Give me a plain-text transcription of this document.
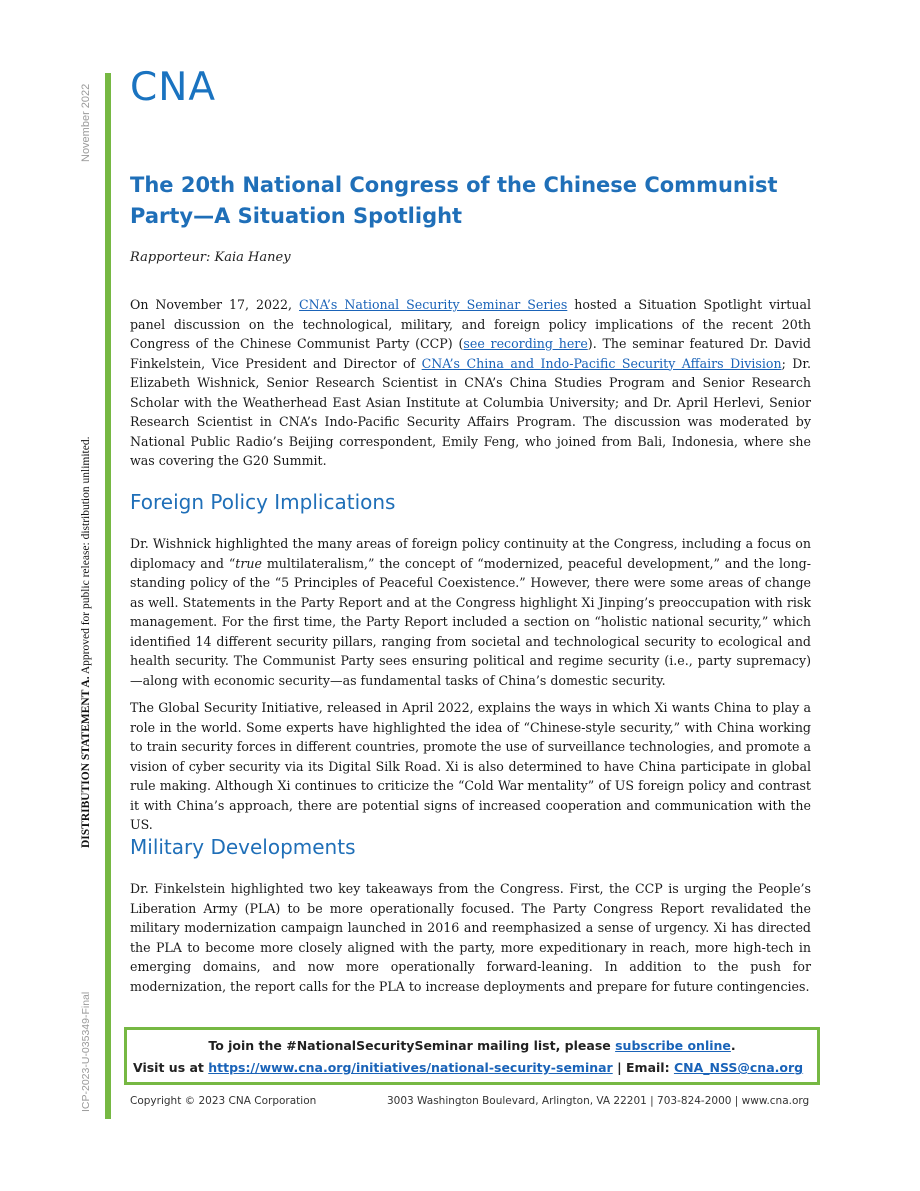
November 2022
DISTRIBUTION STATEMENT A. Approved for public release: distribution unlimited.
ICP-2023-U-035349-Final
CNA
The 20th National Congress of the Chinese Communist Party—A Situation Spotlight
Rapporteur: Kaia Haney

On November 17, 2022, CNA’s National Security Seminar Series hosted a Situation Spotlight virtual panel discussion on the technological, military, and foreign policy implications of the recent 20th Congress of the Chinese Communist Party (CCP) (see recording here). The seminar featured Dr. David Finkelstein, Vice President and Director of CNA’s China and Indo-Pacific Security Affairs Division; Dr. Elizabeth Wishnick, Senior Research Scientist in CNA’s China Studies Program and Senior Research Scholar with the Weatherhead East Asian Institute at Columbia University; and Dr. April Herlevi, Senior Research Scientist in CNA’s Indo-Pacific Security Affairs Program. The discussion was moderated by National Public Radio’s Beijing correspondent, Emily Feng, who joined from Bali, Indonesia, where she was covering the G20 Summit.

Foreign Policy Implications

Dr. Wishnick highlighted the many areas of foreign policy continuity at the Congress, including a focus on diplomacy and “true multilateralism,” the concept of “modernized, peaceful development,” and the long-standing policy of the “5 Principles of Peaceful Coexistence.” However, there were some areas of change as well. Statements in the Party Report and at the Congress highlight Xi Jinping’s preoccupation with risk management. For the first time, the Party Report included a section on “holistic national security,” which identified 14 different security pillars, ranging from societal and technological security to ecological and health security. The Communist Party sees ensuring political and regime security (i.e., party supremacy)—along with economic security—as fundamental tasks of China’s domestic security.

The Global Security Initiative, released in April 2022, explains the ways in which Xi wants China to play a role in the world. Some experts have highlighted the idea of “Chinese-style security,” with China working to train security forces in different countries, promote the use of surveillance technologies, and promote a vision of cyber security via its Digital Silk Road. Xi is also determined to have China participate in global rule making. Although Xi continues to criticize the “Cold War mentality” of US foreign policy and contrast it with China’s approach, there are potential signs of increased cooperation and communication with the US.

Military Developments

Dr. Finkelstein highlighted two key takeaways from the Congress. First, the CCP is urging the People’s Liberation Army (PLA) to be more operationally focused. The Party Congress Report revalidated the military modernization campaign launched in 2016 and reemphasized a sense of urgency. Xi has directed the PLA to become more closely aligned with the party, more expeditionary in reach, more high-tech in emerging domains, and now more operationally forward-leaning. In addition to the push for modernization, the report calls for the PLA to increase deployments and prepare for future contingencies.

To join the #NationalSecuritySeminar mailing list, please subscribe online.
Visit us at https://www.cna.org/initiatives/national-security-seminar | Email: CNA_NSS@cna.org
Copyright © 2023 CNA Corporation	3003 Washington Boulevard, Arlington, VA 22201 | 703-824-2000 | www.cna.org
